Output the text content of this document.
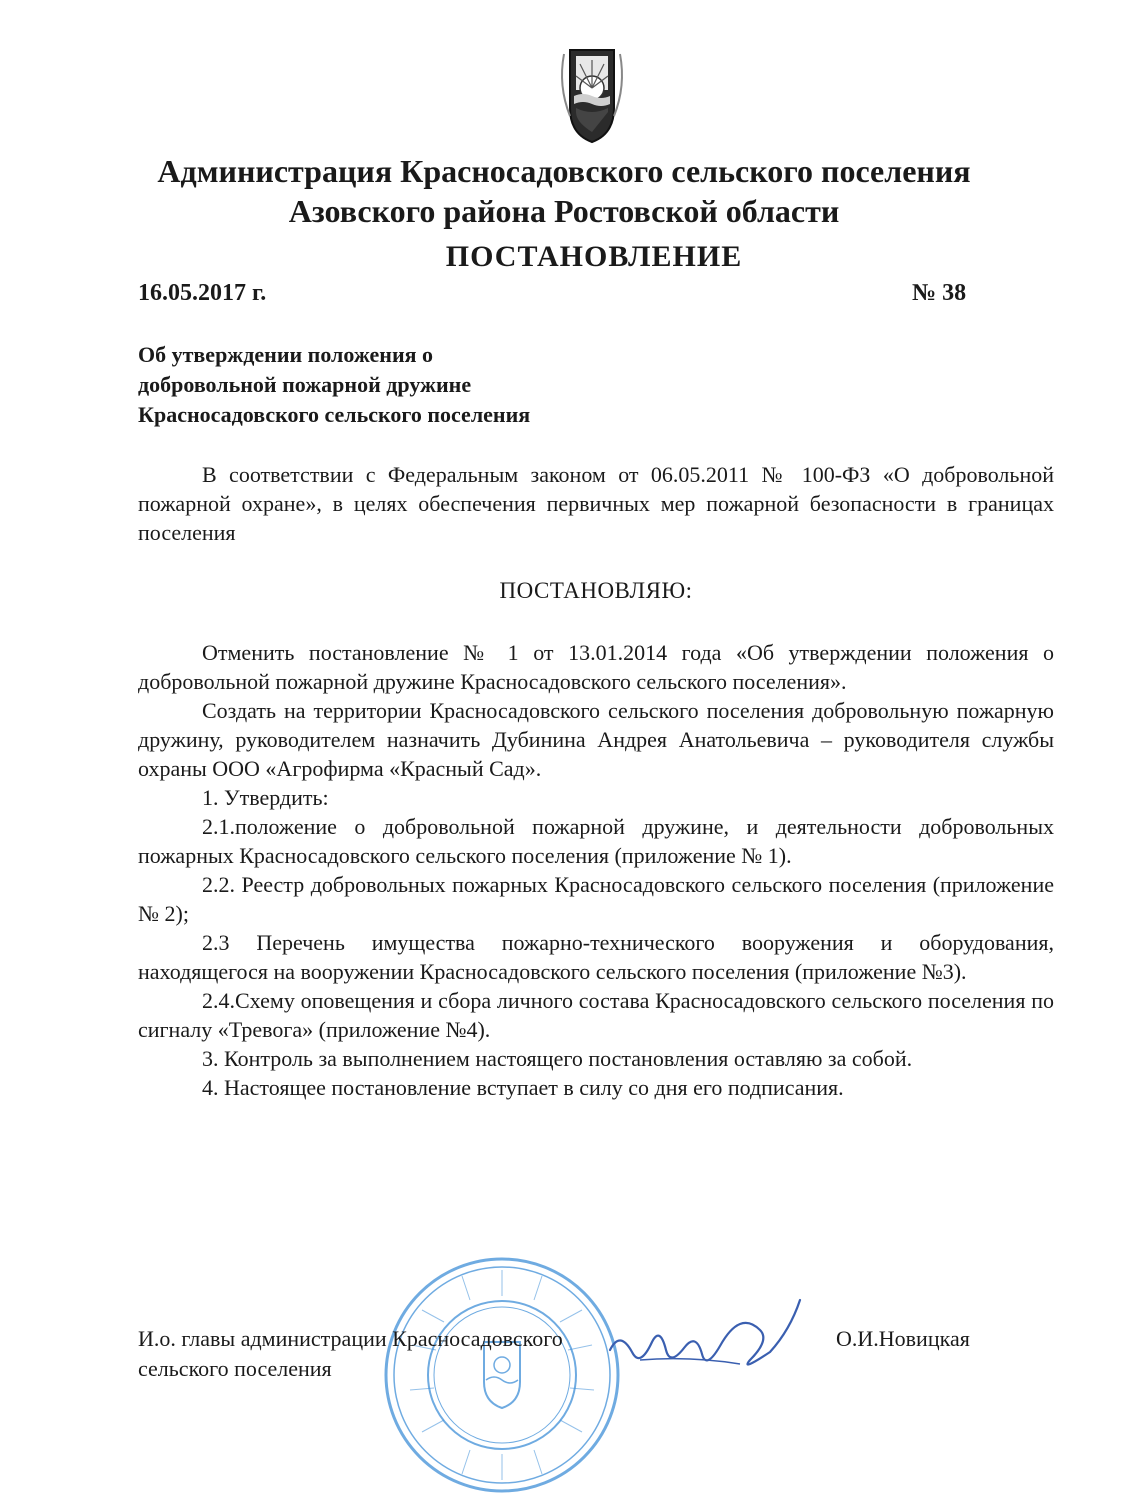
Администрация Красносадовского сельского поселения
Азовского района Ростовской области
ПОСТАНОВЛЕНИЕ
16.05.2017 г.	№ 38
Об утверждении положения о
добровольной пожарной дружине
Красносадовского сельского поселения

В соответствии с Федеральным законом от 06.05.2011 № 100-ФЗ «О добровольной пожарной охране», в целях обеспечения первичных мер пожарной безопасности в границах поселения

ПОСТАНОВЛЯЮ:

Отменить постановление № 1 от 13.01.2014 года «Об утверждении положения о добровольной пожарной дружине Красносадовского сельского поселения».

Создать на территории Красносадовского сельского поселения добровольную пожарную дружину, руководителем назначить Дубинина Андрея Анатольевича – руководителя службы охраны ООО «Агрофирма «Красный Сад».

1. Утвердить:

2.1.положение о добровольной пожарной дружине, и деятельности добровольных пожарных Красносадовского сельского поселения (приложение № 1).

2.2. Реестр добровольных пожарных Красносадовского сельского поселения (приложение № 2);

2.3 Перечень имущества пожарно-технического вооружения и оборудования, находящегося на вооружении Красносадовского сельского поселения (приложение №3).

2.4.Схему оповещения и сбора личного состава Красносадовского сельского поселения по сигналу «Тревога» (приложение №4).

3. Контроль за выполнением настоящего постановления оставляю за собой.

4. Настоящее постановление вступает в силу со дня его подписания.

И.о. главы администрации Красносадовского
сельского поселения
О.И.Новицкая
